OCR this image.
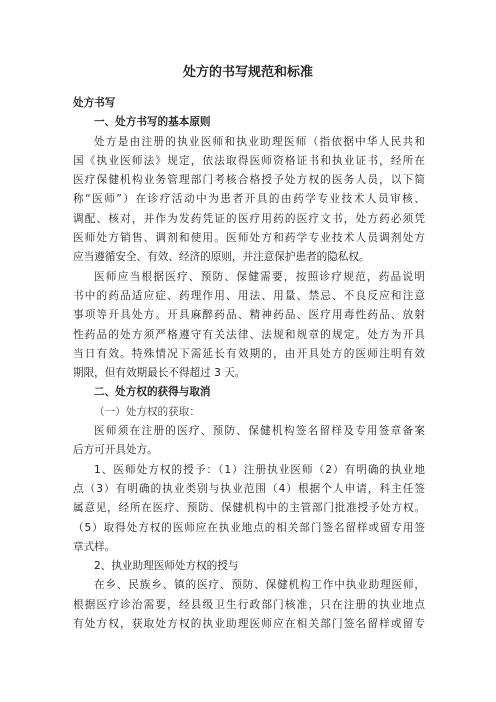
处方的书写规范和标准
处方书写
一、处方书写的基本原则
处方是由注册的执业医师和执业助理医师（指依据中华人民共和
国《执业医师法》规定，依法取得医师资格证书和执业证书，经所在
医疗保健机构业务管理部门考核合格授予处方权的医务人员，以下简
称“医师”）在诊疗活动中为患者开具的由药学专业技术人员审核、
调配、核对，并作为发药凭证的医疗用药的医疗文书，处方药必须凭
医师处方销售、调剂和使用。医师处方和药学专业技术人员调剂处方
应当遵循安全、有效、经济的原则，并注意保护患者的隐私权。
医师应当根据医疗、预防、保健需要，按照诊疗规范，药品说明
书中的药品适应症、药理作用、用法、用量、禁忌、不良反应和注意
事项等开具处方。开具麻醉药品、精神药品、医疗用毒性药品、放射
性药品的处方须严格遵守有关法律、法规和规章的规定。处方为开具
当日有效。特殊情况下需延长有效期的，由开具处方的医师注明有效
期限，但有效期最长不得超过 3 天。
二、处方权的获得与取消
（一）处方权的获取：
医师须在注册的医疗、预防、保健机构签名留样及专用签章备案
后方可开具处方。
1、医师处方权的授予：（1）注册执业医师（2）有明确的执业地
点（3）有明确的执业类别与执业范围（4）根据个人申请，科主任签
属意见，经所在医疗、预防、保健机构中的主管部门批准授予处方权。
（5）取得处方权的医师应在执业地点的相关部门签名留样或留专用签
章式样。
2、执业助理医师处方权的授与
在乡、民族乡、镇的医疗、预防、保健机构工作中执业助理医师，
根据医疗诊治需要，经县级卫生行政部门核准，只在注册的执业地点
有处方权，获取处方权的执业助理医师应在相关部门签名留样或留专
